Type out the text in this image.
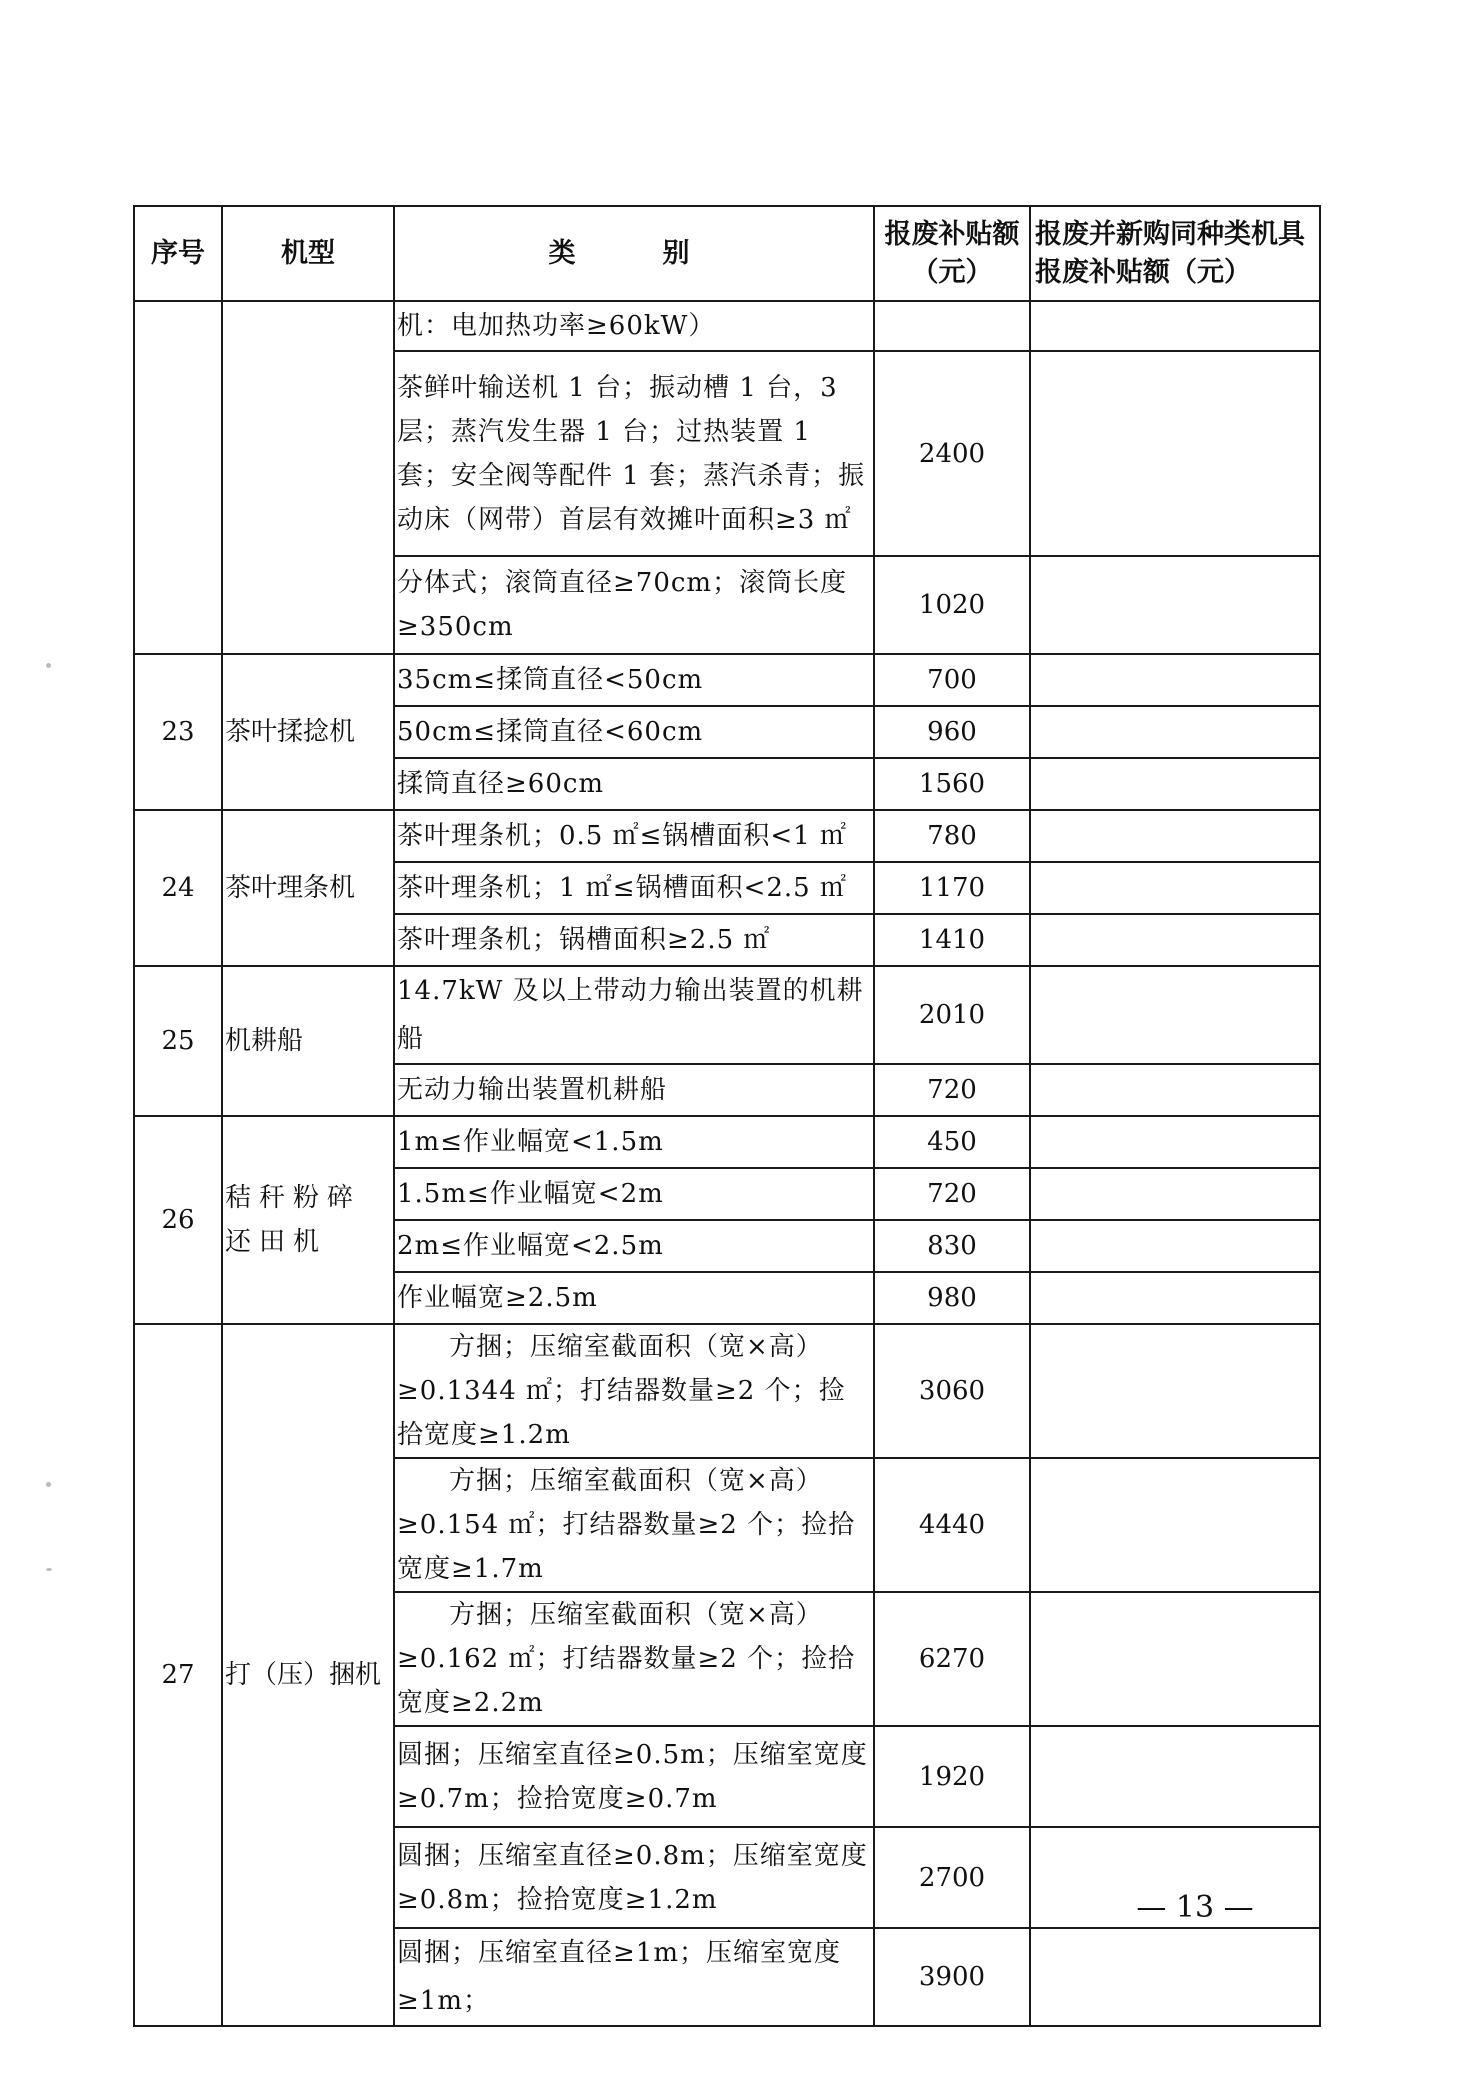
序号	机型	类　别	报废补贴额（元）	报废并新购同种类机具报废补贴额（元）
		机：电加热功率≥60kW）		
		茶鲜叶输送机 1 台；振动槽 1 台，3 层；蒸汽发生器 1 台；过热装置 1 套；安全阀等配件 1 套；蒸汽杀青；振动床（网带）首层有效摊叶面积≥3 ㎡	2400	
		分体式；滚筒直径≥70cm；滚筒长度≥350cm	1020	
23	茶叶揉捻机	35cm≤揉筒直径<50cm	700	
		50cm≤揉筒直径<60cm	960	
		揉筒直径≥60cm	1560	
24	茶叶理条机	茶叶理条机；0.5 ㎡≤锅槽面积<1 ㎡	780	
		茶叶理条机；1 ㎡≤锅槽面积<2.5 ㎡	1170	
		茶叶理条机；锅槽面积≥2.5 ㎡	1410	
25	机耕船	14.7kW 及以上带动力输出装置的机耕船	2010	
		无动力输出装置机耕船	720	
26	秸秆粉碎还田机	1m≤作业幅宽<1.5m	450	
		1.5m≤作业幅宽<2m	720	
		2m≤作业幅宽<2.5m	830	
		作业幅宽≥2.5m	980	
27	打（压）捆机	方捆；压缩室截面积（宽×高）≥0.1344 ㎡；打结器数量≥2 个；捡拾宽度≥1.2m	3060	
		方捆；压缩室截面积（宽×高）≥0.154 ㎡；打结器数量≥2 个；捡拾宽度≥1.7m	4440	
		方捆；压缩室截面积（宽×高）≥0.162 ㎡；打结器数量≥2 个；捡拾宽度≥2.2m	6270	
		圆捆；压缩室直径≥0.5m；压缩室宽度≥0.7m；捡拾宽度≥0.7m	1920	
		圆捆；压缩室直径≥0.8m；压缩室宽度≥0.8m；捡拾宽度≥1.2m	2700	
		圆捆；压缩室直径≥1m；压缩室宽度≥1m；	3900	
— 13 —
